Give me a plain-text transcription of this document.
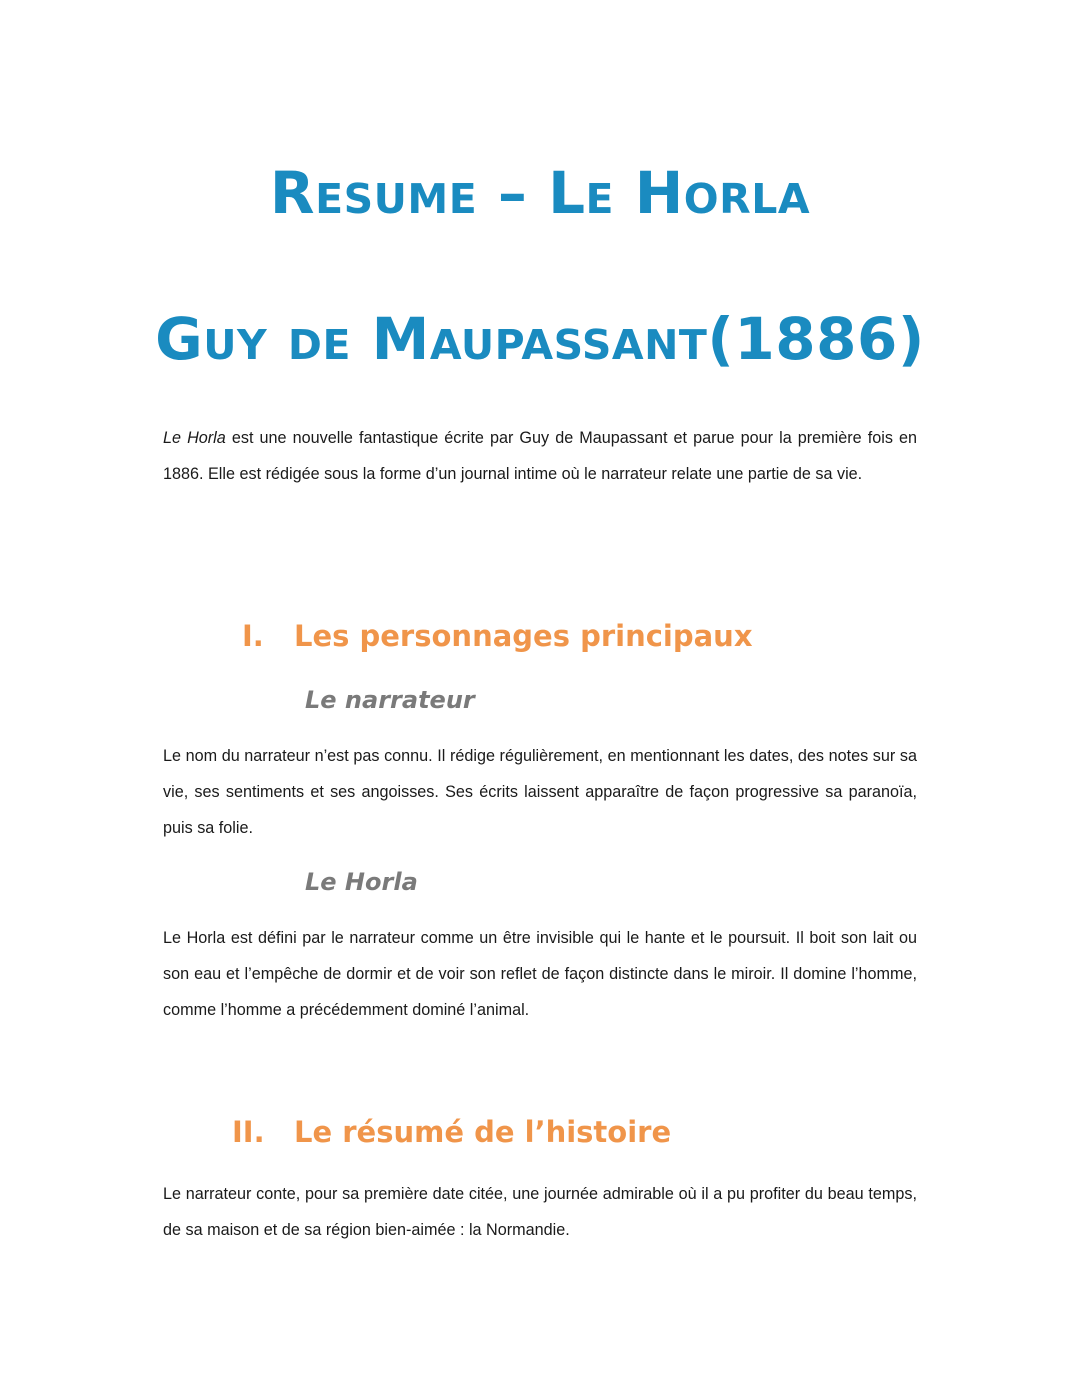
Resume – Le Horla
Guy de Maupassant(1886)

Le Horla est une nouvelle fantastique écrite par Guy de Maupassant et parue pour la première fois en 1886. Elle est rédigée sous la forme d’un journal intime où le narrateur relate une partie de sa vie.

I. Les personnages principaux
Le narrateur

Le nom du narrateur n’est pas connu. Il rédige régulièrement, en mentionnant les dates, des notes sur sa vie, ses sentiments et ses angoisses. Ses écrits laissent apparaître de façon progressive sa paranoïa, puis sa folie.

Le Horla

Le Horla est défini par le narrateur comme un être invisible qui le hante et le poursuit. Il boit son lait ou son eau et l’empêche de dormir et de voir son reflet de façon distincte dans le miroir. Il domine l’homme, comme l’homme a précédemment dominé l’animal.

II. Le résumé de l’histoire

Le narrateur conte, pour sa première date citée, une journée admirable où il a pu profiter du beau temps, de sa maison et de sa région bien-aimée : la Normandie.
